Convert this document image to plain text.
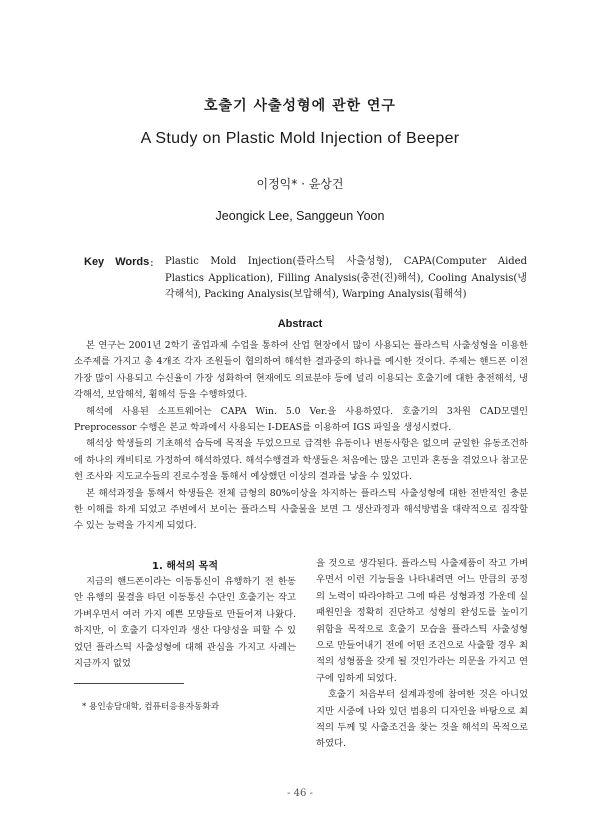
호출기 사출성형에 관한 연구
A Study on Plastic Mold Injection of Beeper
이정익* · 윤상건
Jeongick Lee, Sanggeun Yoon
Key Words : Plastic Mold Injection(플라스틱 사출성형), CAPA(Computer Aided Plastics Application), Filling Analysis(충전(진)해석), Cooling Analysis(냉각해석), Packing Analysis(보압해석), Warping Analysis(휨해석)
Abstract

본 연구는 2001년 2학기 졸업과제 수업을 통하여 산업 현장에서 많이 사용되는 플라스틱 사출성형을 이용한 소주제를 가지고 총 4개조 각자 조원들이 협의하여 해석한 결과중의 하나를 예시한 것이다. 주제는 핸드폰 이전 가장 많이 사용되고 수신율이 가장 성화하여 현재에도 의료분야 등에 널리 이용되는 호출기에 대한 충전해석, 냉각해석, 보압해석, 휨해석 등을 수행하였다.

해석에 사용된 소프트웨어는 CAPA Win. 5.0 Ver.을 사용하였다. 호출기의 3차원 CAD모델인 Preprocessor 수행은 본교 학과에서 사용되는 I-DEAS를 이용하여 IGS 파일을 생성시켰다.

해석상 학생들의 기초해석 습득에 목적을 두었으므로 급격한 유동이나 변동사항은 없으며 균일한 유동조건하에 하나의 캐비티로 가정하여 해석하였다. 해석수행결과 학생들은 처음에는 많은 고민과 혼동을 겪었으나 참고문헌 조사와 지도교수들의 진로수정을 통해서 예상했던 이상의 결과를 낳을 수 있었다.

본 해석과정을 통해서 학생들은 전체 금형의 80%이상을 차지하는 플라스틱 사출성형에 대한 전반적인 충분한 이해를 하게 되었고 주변에서 보이는 플라스틱 사출물을 보면 그 생산과정과 해석방법을 대략적으로 짐작할 수 있는 능력을 가지게 되었다.

1. 해석의 목적

지금의 핸드폰이라는 이동통신이 유행하기 전 한동안 유행의 물결을 타던 이동통신 수단인 호출기는 작고 가벼우면서 여러 가지 예쁜 모양들로 만들어져 나왔다. 하지만, 이 호출기 디자인과 생산 다양성을 피할 수 있었던 플라스틱 사출성형에 대해 관심을 가지고 사례는 지금까지 없었

을 것으로 생각된다. 플라스틱 사출제품이 작고 가벼우면서 이런 기능들을 나타내려면 어느 만큼의 공정의 노력이 따라야하고 그에 따른 성형과정 가운데 실패원인을 정확히 진단하고 성형의 완성도를 높이기 위함을 목적으로 호출기 모습을 플라스틱 사출성형으로 만들어내기 전에 어떤 조건으로 사출할 경우 최적의 성형품을 갖게 될 것인가라는 의문을 가지고 연구에 임하게 되었다.

호출기 처음부터 설계과정에 참여한 것은 아니었지만 시중에 나와 있던 범용의 디자인을 바탕으로 최적의 두께 및 사출조건을 찾는 것을 해석의 목적으로 하였다.

* 용인송담대학, 컴퓨터응용자동화과
- 46 -
